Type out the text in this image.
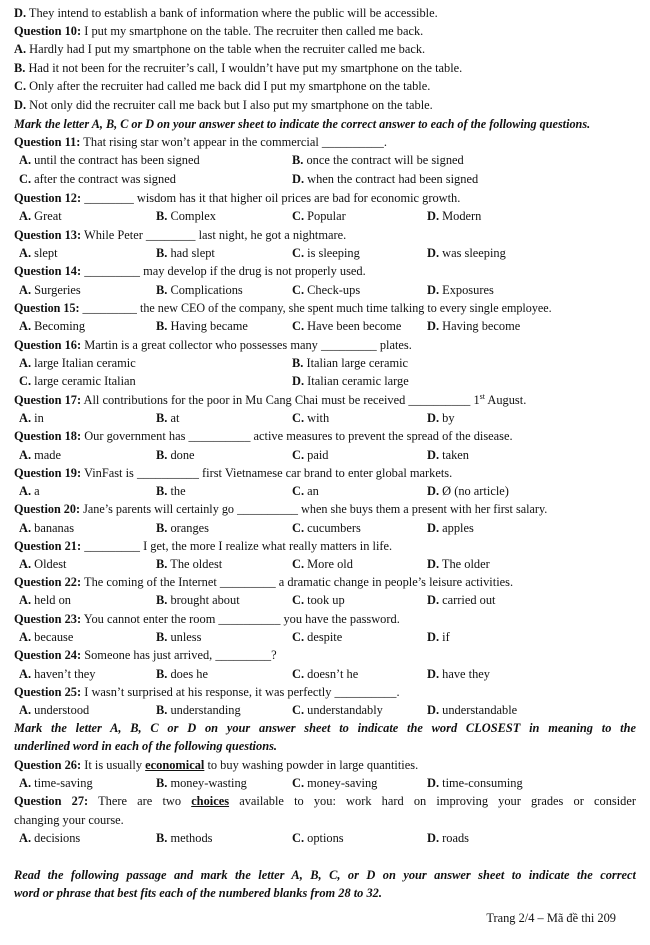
D. They intend to establish a bank of information where the public will be accessible.
Question 10: I put my smartphone on the table. The recruiter then called me back.
A. Hardly had I put my smartphone on the table when the recruiter called me back.
B. Had it not been for the recruiter’s call, I wouldn’t have put my smartphone on the table.
C. Only after the recruiter had called me back did I put my smartphone on the table.
D. Not only did the recruiter call me back but I also put my smartphone on the table.
Mark the letter A, B, C or D on your answer sheet to indicate the correct answer to each of the following questions.
Question 11: That rising star won’t appear in the commercial __________.
A. until the contract has been signed	B. once the contract will be signed
C. after the contract was signed	D. when the contract had been signed
Question 12: ________ wisdom has it that higher oil prices are bad for economic growth.
A. Great	B. Complex	C. Popular	D. Modern
Question 13: While Peter ________ last night, he got a nightmare.
A. slept	B. had slept	C. is sleeping	D. was sleeping
Question 14: _________ may develop if the drug is not properly used.
A. Surgeries	B. Complications	C. Check-ups	D. Exposures
Question 15: _________ the new CEO of the company, she spent much time talking to every single employee.
A. Becoming	B. Having became	C. Have been become D. Having become
Question 16: Martin is a great collector who possesses many _________ plates.
A. large Italian ceramic	B. Italian large ceramic
C. large ceramic Italian	D. Italian ceramic large
Question 17: All contributions for the poor in Mu Cang Chai must be received __________ 1st August.
A. in	B. at	C. with	D. by
Question 18: Our government has __________ active measures to prevent the spread of the disease.
A. made	B. done	C. paid	D. taken
Question 19: VinFast is __________ first Vietnamese car brand to enter global markets.
A. a	B. the	C. an	D. Ø (no article)
Question 20: Jane’s parents will certainly go __________ when she buys them a present with her first salary.
A. bananas	B. oranges	C. cucumbers	D. apples
Question 21: _________ I get, the more I realize what really matters in life.
A. Oldest	B. The oldest	C. More old	D. The older
Question 22: The coming of the Internet _________ a dramatic change in people’s leisure activities.
A. held on	B. brought about	C. took up	D. carried out
Question 23: You cannot enter the room __________ you have the password.
A. because	B. unless	C. despite	D. if
Question 24: Someone has just arrived, _________?
A. haven’t they	B. does he	C. doesn’t he	D. have they
Question 25: I wasn’t surprised at his response, it was perfectly __________.
A. understood	B. understanding	C. understandably	D. understandable
Mark the letter A, B, C or D on your answer sheet to indicate the word CLOSEST in meaning to the
underlined word in each of the following questions.
Question 26: It is usually economical to buy washing powder in large quantities.
A. time-saving	B. money-wasting	C. money-saving	D. time-consuming
Question 27: There are two choices available to you: work hard on improving your grades or consider
changing your course.
A. decisions	B. methods	C. options	D. roads
Read the following passage and mark the letter A, B, C, or D on your answer sheet to indicate the correct
word or phrase that best fits each of the numbered blanks from 28 to 32.
Trang 2/4 – Mã đề thi 209
